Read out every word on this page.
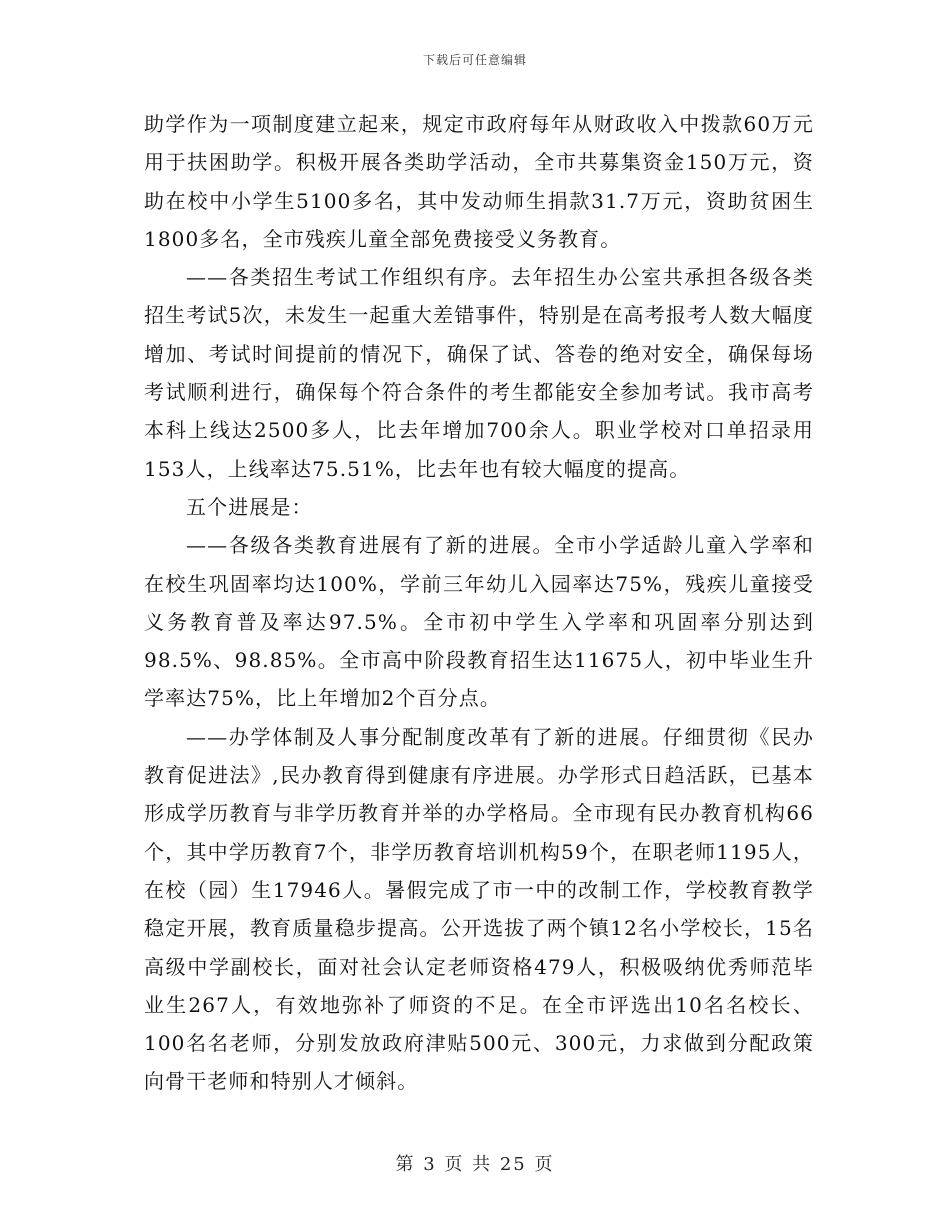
下载后可任意编辑

助学作为一项制度建立起来，规定市政府每年从财政收入中拨款60万元用于扶困助学。积极开展各类助学活动，全市共募集资金150万元，资助在校中小学生5100多名，其中发动师生捐款31.7万元，资助贫困生1800多名，全市残疾儿童全部免费接受义务教育。

——各类招生考试工作组织有序。去年招生办公室共承担各级各类招生考试5次，未发生一起重大差错事件，特别是在高考报考人数大幅度增加、考试时间提前的情况下，确保了试、答卷的绝对安全，确保每场考试顺利进行，确保每个符合条件的考生都能安全参加考试。我市高考本科上线达2500多人，比去年增加700余人。职业学校对口单招录用153人，上线率达75.51%，比去年也有较大幅度的提高。

五个进展是：

——各级各类教育进展有了新的进展。全市小学适龄儿童入学率和在校生巩固率均达100%，学前三年幼儿入园率达75%，残疾儿童接受义务教育普及率达97.5%。全市初中学生入学率和巩固率分别达到98.5%、98.85%。全市高中阶段教育招生达11675人，初中毕业生升学率达75%，比上年增加2个百分点。

——办学体制及人事分配制度改革有了新的进展。仔细贯彻《民办教育促进法》,民办教育得到健康有序进展。办学形式日趋活跃，已基本形成学历教育与非学历教育并举的办学格局。全市现有民办教育机构66个，其中学历教育7个，非学历教育培训机构59个，在职老师1195人，在校（园）生17946人。暑假完成了市一中的改制工作，学校教育教学稳定开展，教育质量稳步提高。公开选拔了两个镇12名小学校长，15名高级中学副校长，面对社会认定老师资格479人，积极吸纳优秀师范毕业生267人，有效地弥补了师资的不足。在全市评选出10名名校长、100名名老师，分别发放政府津贴500元、300元，力求做到分配政策向骨干老师和特别人才倾斜。

第 3 页 共 25 页
